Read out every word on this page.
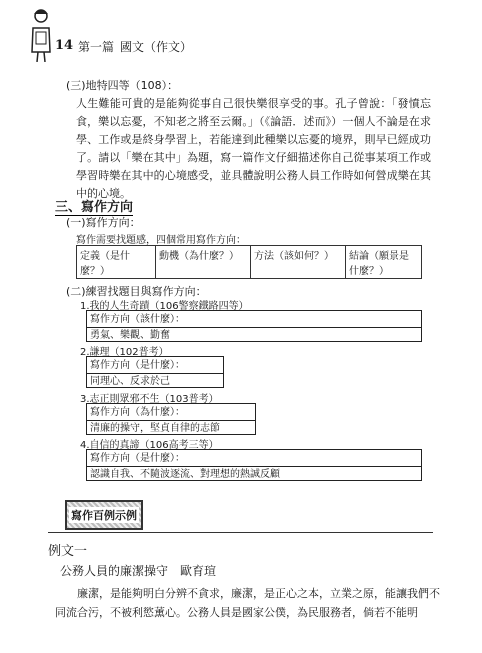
14 第一篇 國文（作文）
(三)地特四等（108）：
人生難能可貴的是能夠從事自己很快樂很享受的事。孔子曾說：「發憤忘食，樂以忘憂，不知老之將至云爾。」（《論語．述而》）一個人不論是在求學、工作或是終身學習上，若能達到此種樂以忘憂的境界，則早已經成功了。請以「樂在其中」為題，寫一篇作文仔細描述你自己從事某項工作或學習時樂在其中的心境感受，並具體說明公務人員工作時如何營成樂在其中的心境。
三、寫作方向
(一)寫作方向：
寫作需要找題感，四個常用寫作方向：
定義（是什麼？）	動機（為什麼？）	方法（該如何？）	結論（願景是什麼？）
(二)練習找題目與寫作方向：
1.我的人生奇蹟（106警察鐵路四等）
寫作方向（該什麼）：
勇氣、樂觀、勤奮
2.謙理（102普考）
寫作方向（是什麼）：
同理心、反求於己
3.志正則眾邪不生（103普考）
寫作方向（為什麼）：
清廉的操守，堅貞自律的志節
4.自信的真諦（106高考三等）
寫作方向（是什麼）：
認識自我、不隨波逐流、對理想的熱誠反顧
寫作百例示例
例文一
公務人員的廉潔操守　歐育瑄
廉潔，是能夠明白分辨不貪求，廉潔，是正心之本，立業之原，能讓我們不同流合污，不被利慾薰心。公務人員是國家公僕，為民服務者，倘若不能明
